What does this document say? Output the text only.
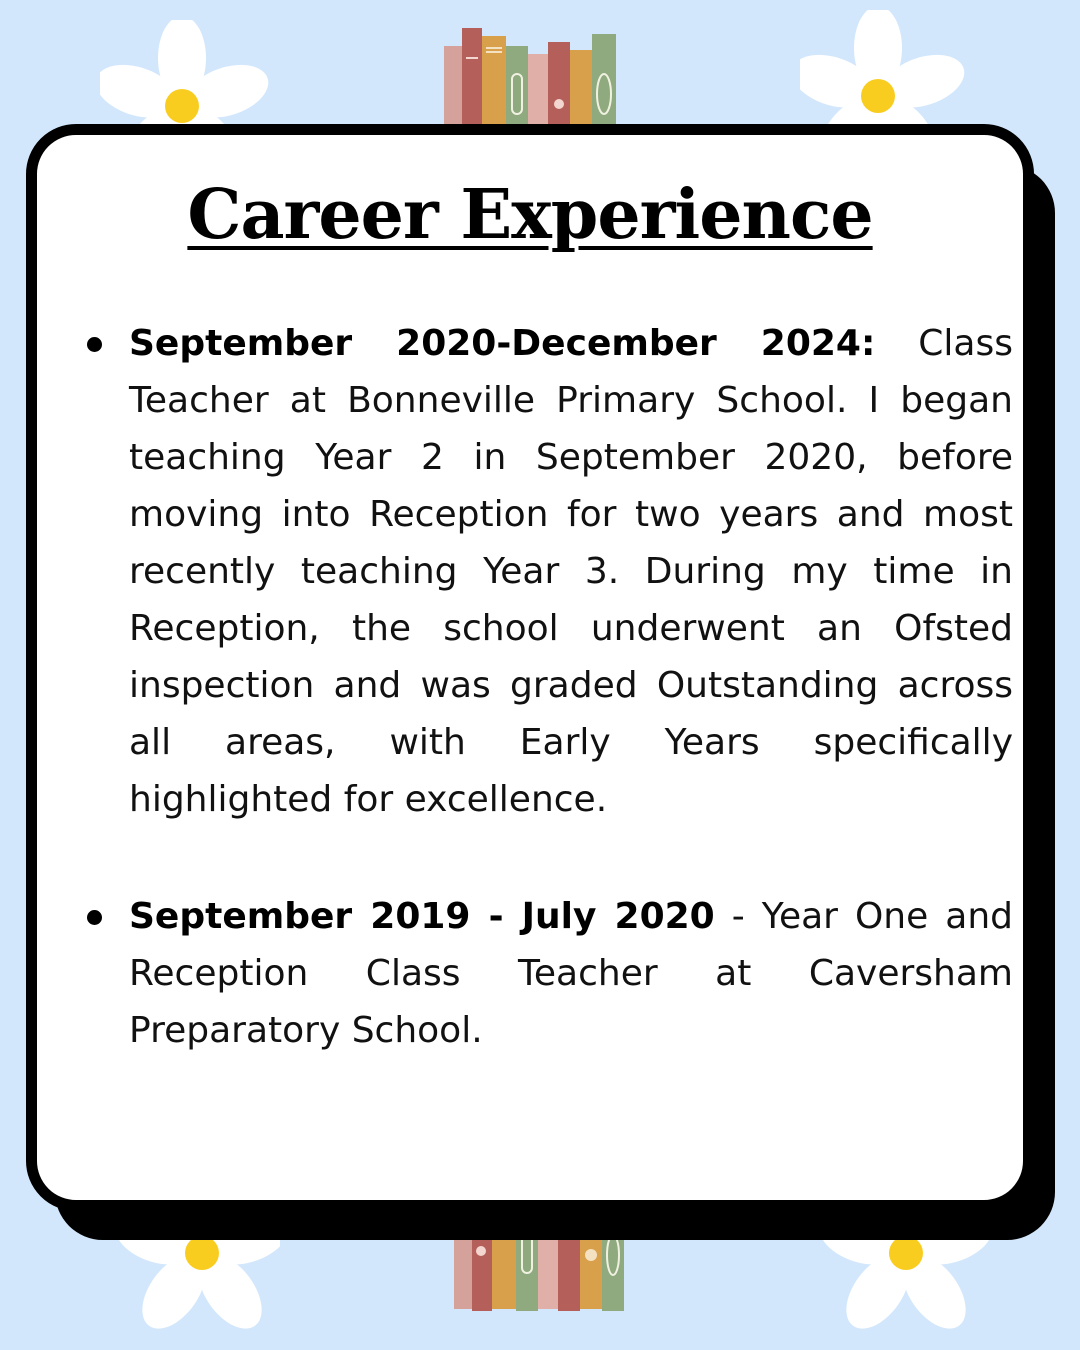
Career Experience
September 2020-December 2024: Class Teacher at Bonneville Primary School. I began teaching Year 2 in September 2020, before moving into Reception for two years and most recently teaching Year 3. During my time in Reception, the school underwent an Ofsted inspection and was graded Outstanding across all areas, with Early Years specifically highlighted for excellence.
September 2019 - July 2020 - Year One and Reception Class Teacher at Caversham Preparatory School.
